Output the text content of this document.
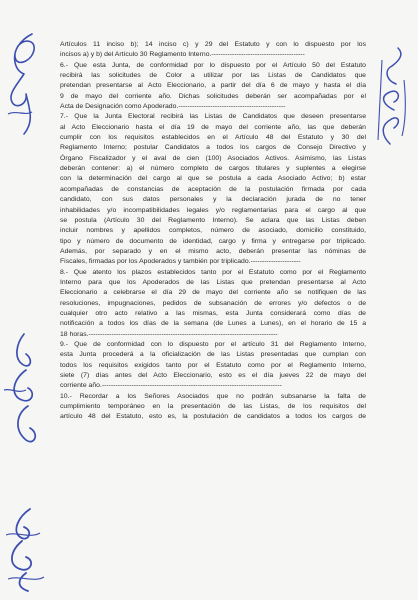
Artículos 11 inciso b); 14 inciso c) y 29 del Estatuto y con lo dispuesto por los
incisos a) y b) del Artículo 30 Reglamento Interno.-----------------------------------------
6.- Que esta Junta, de conformidad por lo dispuesto por el Artículo 50 del Estatuto
recibirá las solicitudes de Color a utilizar por las Listas de Candidatos que
pretendan presentarse al Acto Eleccionario, a partir del día 6 de mayo y hasta el día
9 de mayo del corriente año. Dichas solicitudes deberán ser acompañadas por el
Acta de Designación como Apoderado.-----------------------------------------------
7.- Que la Junta Electoral recibirá las Listas de Candidatos que deseen presentarse
al Acto Eleccionario hasta el día 19 de mayo del corriente año, las que deberán
cumplir con los requisitos establecidos en el Artículo 48 del Estatuto y 30 del
Reglamento Interno; postular Candidatos a todos los cargos de Consejo Directivo y
Órgano Fiscalizador y el aval de cien (100) Asociados Activos. Asimismo, las Listas
deberán contener: a) el número completo de cargos titulares y suplentes a elegirse
con la determinación del cargo al que se postula a cada Asociado Activo; b) estar
acompañadas de constancias de aceptación de la postulación firmada por cada
candidato, con sus datos personales y la declaración jurada de no tener
inhabilidades y/o incompatibilidades legales y/o reglamentarias para el cargo al que
se postula (Artículo 30 del Reglamento Interno). Se aclara que las Listas deben
incluir nombres y apellidos completos, número de asociado, domicilio constituido,
tipo y número de documento de identidad, cargo y firma y entregarse por triplicado.
Además, por separado y en el mismo acto, deberán presentar las nóminas de
Fiscales, firmadas por los Apoderados y también por triplicado.----------------------
8.- Que atento los plazos establecidos tanto por el Estatuto como por el Reglamento
Interno para que los Apoderados de las Listas que pretendan presentarse al Acto
Eleccionario a celebrarse el día 29 de mayo del corriente año se notifiquen de las
resoluciones, impugnaciones, pedidos de subsanación de errores y/o defectos o de
cualquier otro acto relativo a las mismas, esta Junta considerará como días de
notificación a todos los días de la semana (de Lunes a Lunes), en el horario de 15 a
18 horas.-----------------------------------------------------------------------------------
9.- Que de conformidad con lo dispuesto por el artículo 31 del Reglamento Interno,
esta Junta procederá a la oficialización de las Listas presentadas que cumplan con
todos los requisitos exigidos tanto por el Estatuto como por el Reglamento Interno,
siete (7) días antes del Acto Eleccionario, esto es el día jueves 22 de mayo del
corriente año.-------------------------------------------------------------------------------
10.- Recordar a los Señores Asociados que no podrán subsanarse la falta de
cumplimiento temporáneo en la presentación de las Listas, de los requisitos del
artículo 48 del Estatuto, esto es, la postulación de candidatos a todos los cargos de
